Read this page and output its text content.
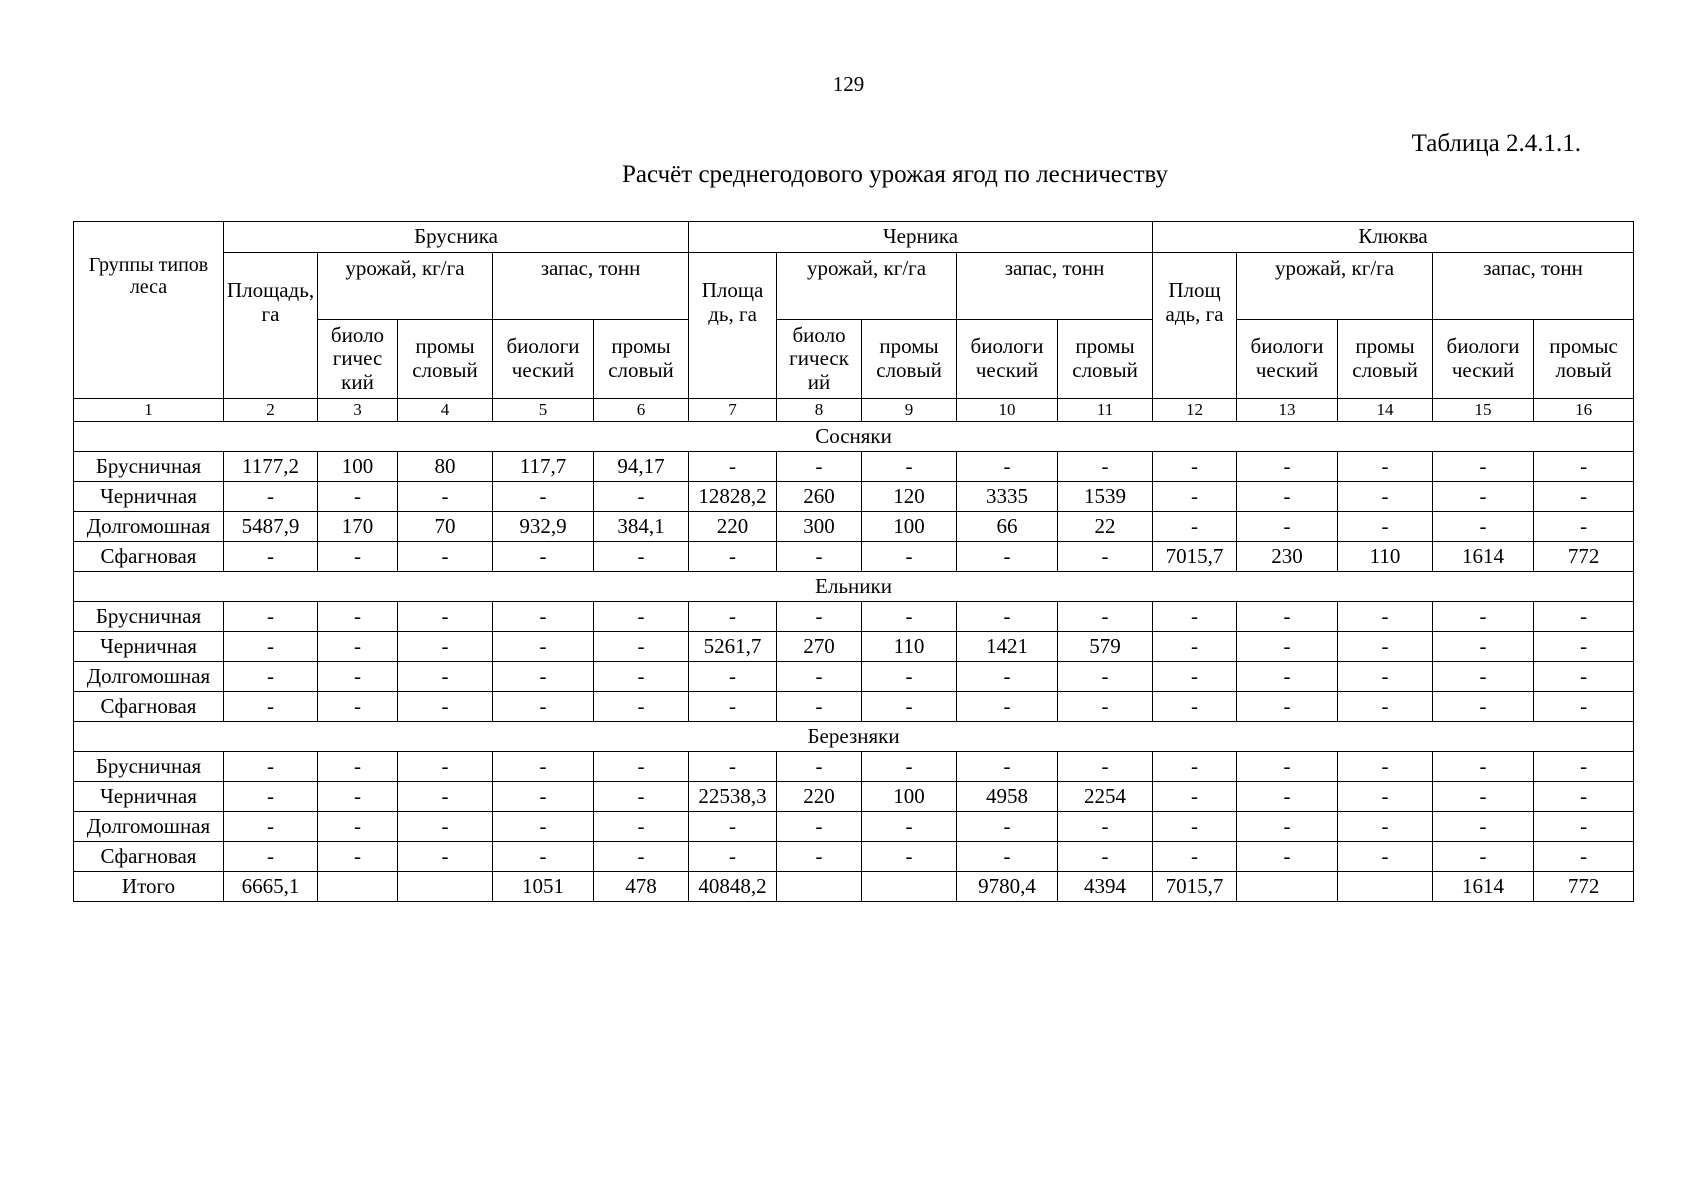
129
Таблица 2.4.1.1.
Расчёт среднегодового урожая ягод по лесничеству
Группы типов леса	Брусника					Черника					Клюква				
	Площадь, га	урожай, кг/га		запас, тонн		Площа дь, га	урожай, кг/га		запас, тонн		Площ адь, га	урожай, кг/га		запас, тонн	
		биоло гичес кий	промы словый	биологи ческий	промы словый		биоло гическ ий	промы словый	биологи ческий	промы словый		биологи ческий	промы словый	биологи ческий	промыс ловый
1	2	3	4	5	6	7	8	9	10	11	12	13	14	15	16
Сосняки															
Брусничная	1177,2	100	80	117,7	94,17	-	-	-	-	-	-	-	-	-	-
Черничная	-	-	-	-	-	12828,2	260	120	3335	1539	-	-	-	-	-
Долгомошная	5487,9	170	70	932,9	384,1	220	300	100	66	22	-	-	-	-	-
Сфагновая	-	-	-	-	-	-	-	-	-	-	7015,7	230	110	1614	772
Ельники															
Брусничная	-	-	-	-	-	-	-	-	-	-	-	-	-	-	-
Черничная	-	-	-	-	-	5261,7	270	110	1421	579	-	-	-	-	-
Долгомошная	-	-	-	-	-	-	-	-	-	-	-	-	-	-	-
Сфагновая	-	-	-	-	-	-	-	-	-	-	-	-	-	-	-
Березняки															
Брусничная	-	-	-	-	-	-	-	-	-	-	-	-	-	-	-
Черничная	-	-	-	-	-	22538,3	220	100	4958	2254	-	-	-	-	-
Долгомошная	-	-	-	-	-	-	-	-	-	-	-	-	-	-	-
Сфагновая	-	-	-	-	-	-	-	-	-	-	-	-	-	-	-
Итого	6665,1			1051	478	40848,2			9780,4	4394	7015,7			1614	772
